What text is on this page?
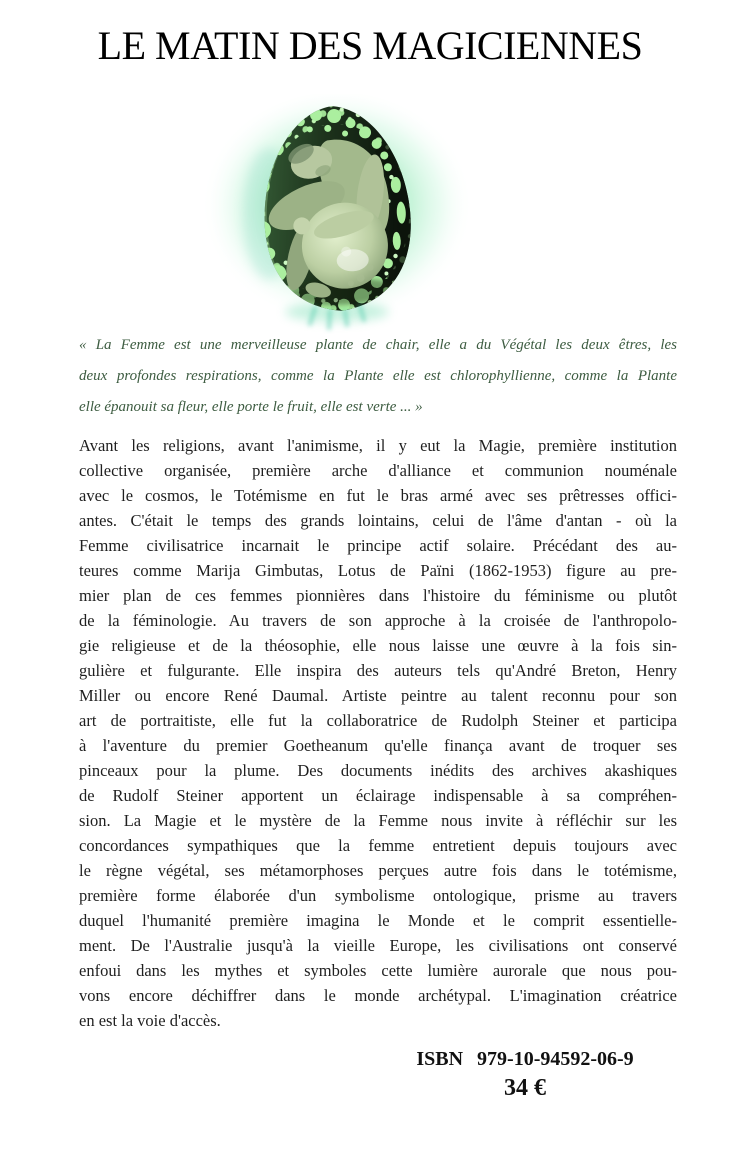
LE MATIN DES MAGICIENNES
« La Femme est une merveilleuse plante de chair, elle a du Végétal les deux êtres, les
deux profondes respirations, comme la Plante elle est chlorophyllienne, comme la Plante
elle épanouit sa fleur, elle porte le fruit, elle est verte ... »
Avant les religions, avant l'animisme, il y eut la Magie, première institution
collective organisée, première arche d'alliance et communion nouménale
avec le cosmos, le Totémisme en fut le bras armé avec ses prêtresses offici-
antes. C'était le temps des grands lointains, celui de l'âme d'antan - où la
Femme civilisatrice incarnait le principe actif solaire. Précédant des au-
teures comme Marija Gimbutas, Lotus de Païni (1862-1953) figure au pre-
mier plan de ces femmes pionnières dans l'histoire du féminisme ou plutôt
de la féminologie. Au travers de son approche à la croisée de l'anthropolo-
gie religieuse et de la théosophie, elle nous laisse une œuvre à la fois sin-
gulière et fulgurante. Elle inspira des auteurs tels qu'André Breton, Henry
Miller ou encore René Daumal. Artiste peintre au talent reconnu pour son
art de portraitiste, elle fut la collaboratrice de Rudolph Steiner et participa
à l'aventure du premier Goetheanum qu'elle finança avant de troquer ses
pinceaux pour la plume. Des documents inédits des archives akashiques
de Rudolf Steiner apportent un éclairage indispensable à sa compréhen-
sion. La Magie et le mystère de la Femme nous invite à réfléchir sur les
concordances sympathiques que la femme entretient depuis toujours avec
le règne végétal, ses métamorphoses perçues autre fois dans le totémisme,
première forme élaborée d'un symbolisme ontologique, prisme au travers
duquel l'humanité première imagina le Monde et le comprit essentielle-
ment. De l'Australie jusqu'à la vieille Europe, les civilisations ont conservé
enfoui dans les mythes et symboles cette lumière aurorale que nous pou-
vons encore déchiffrer dans le monde archétypal. L'imagination créatrice
en est la voie d'accès.
ISBN 979-10-94592-06-9
34 €
